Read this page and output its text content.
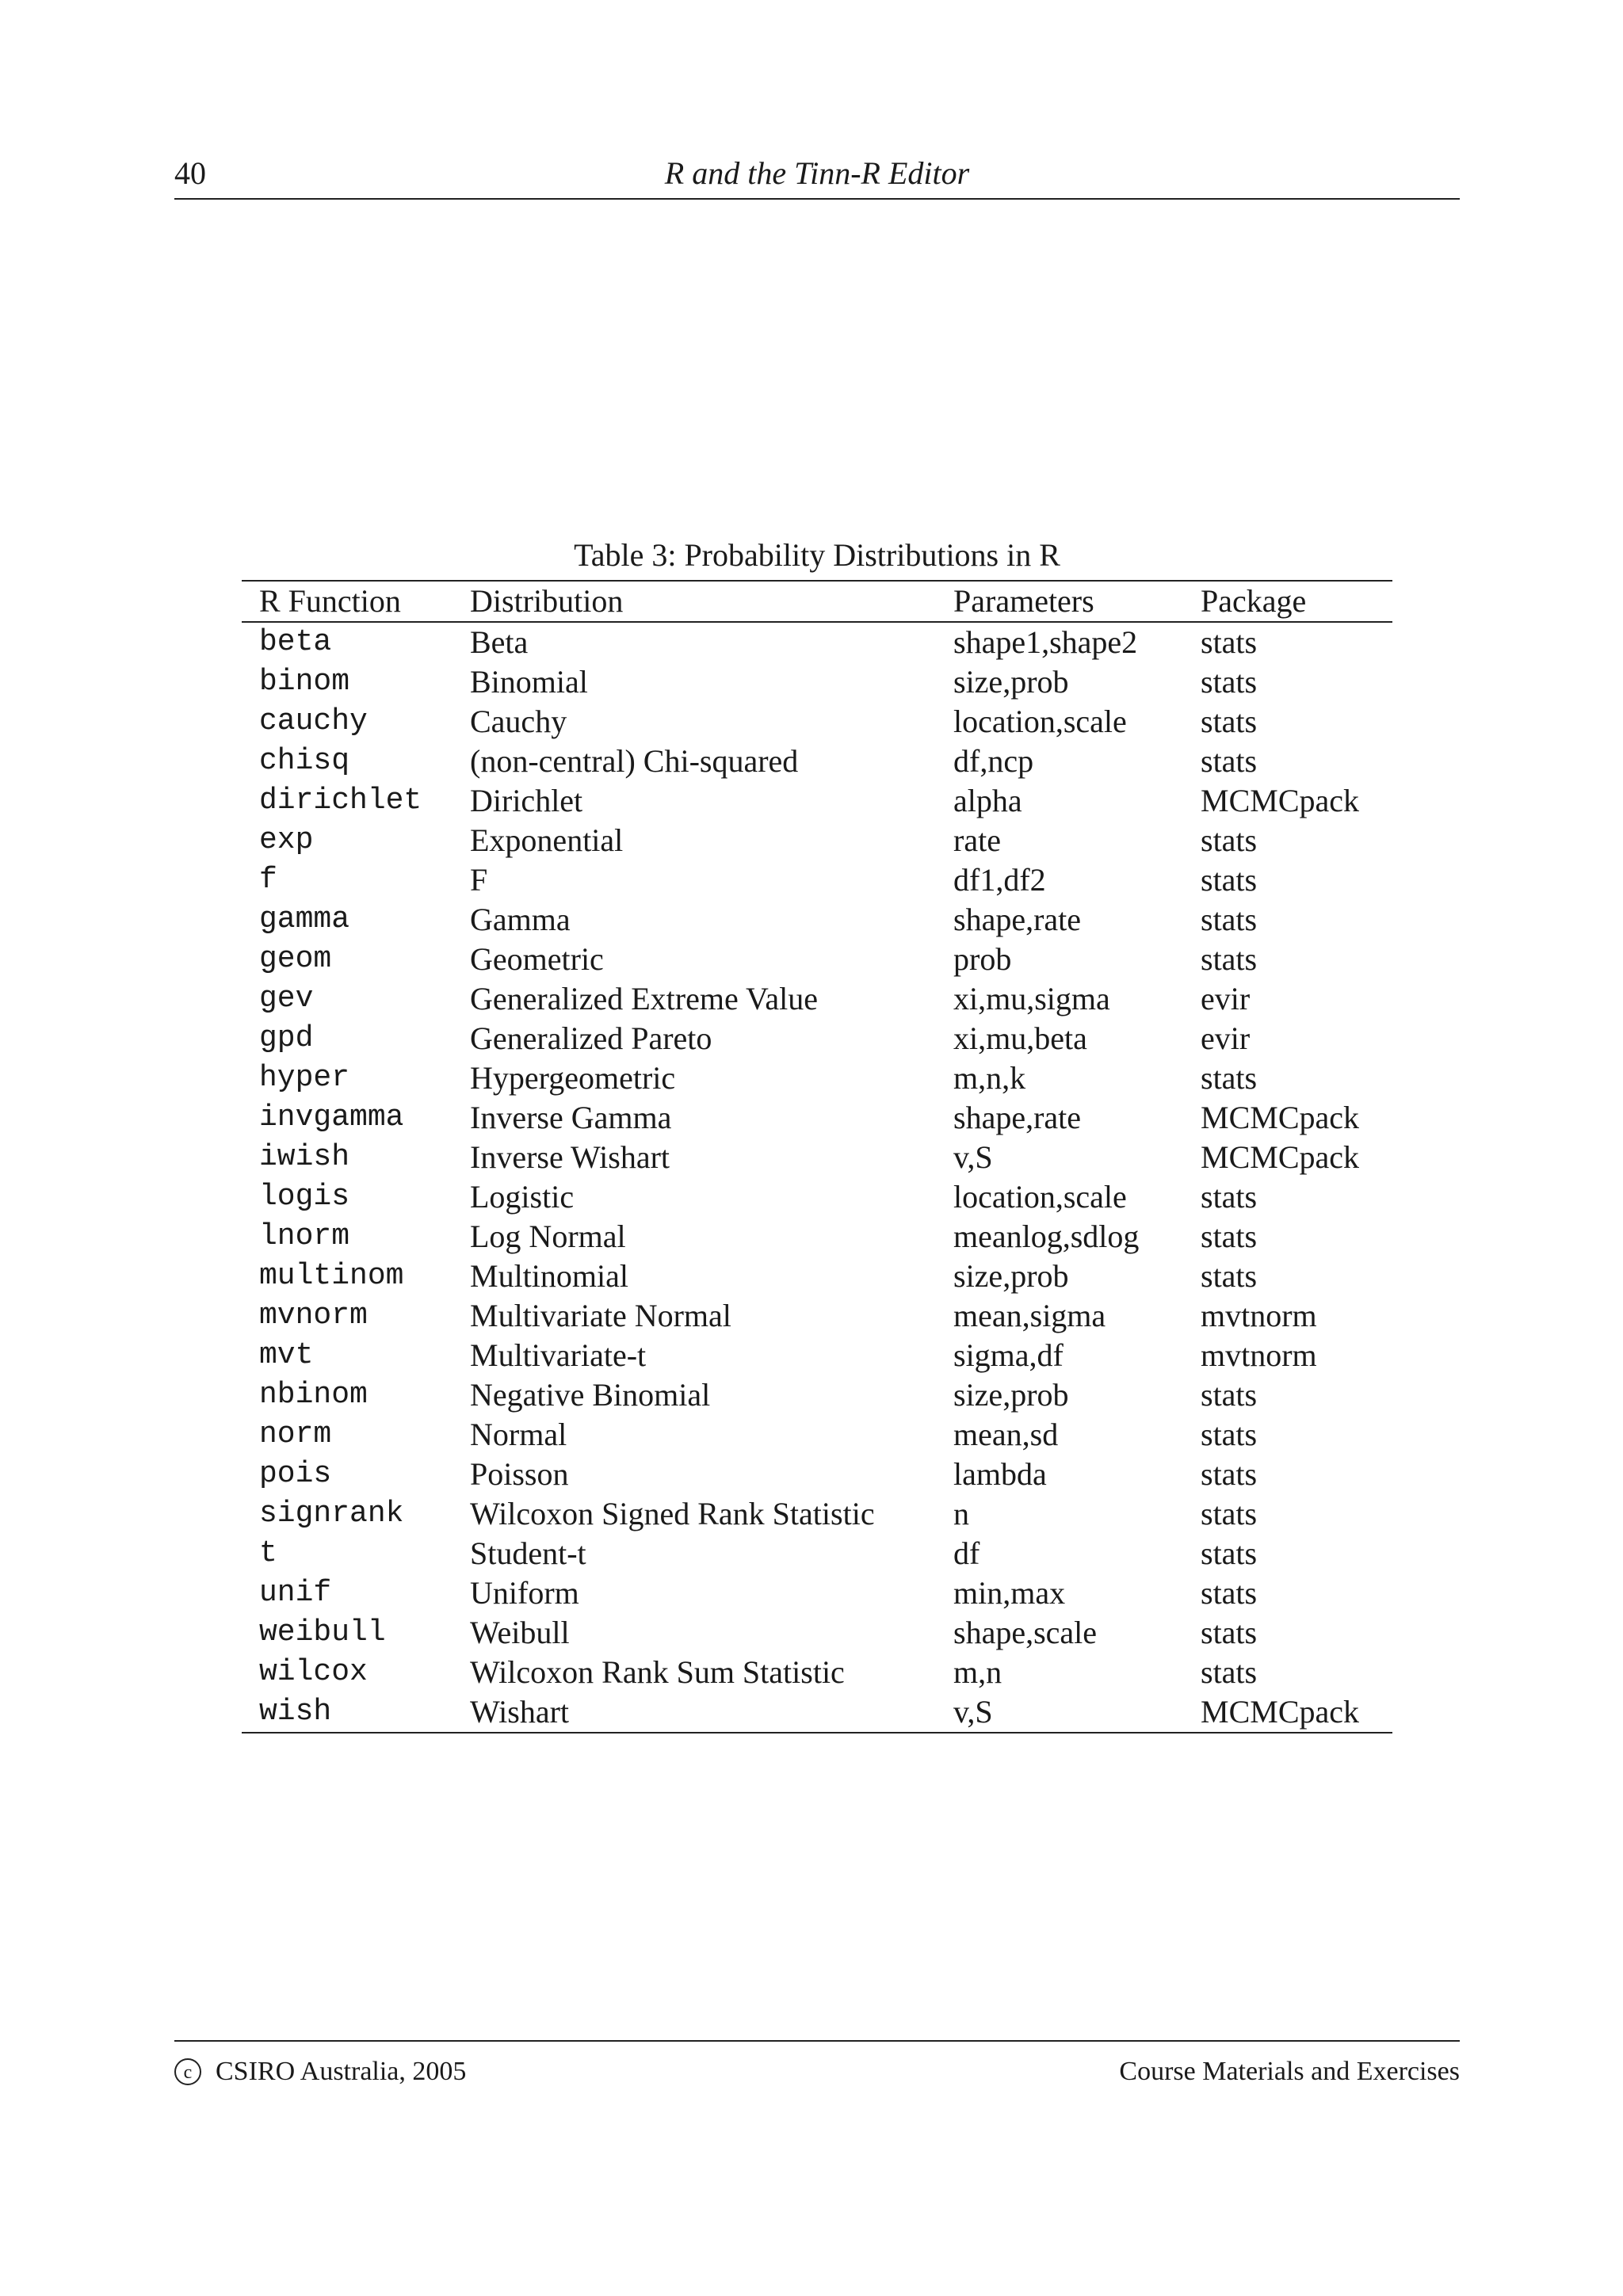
40	R and the Tinn-R Editor
Table 3: Probability Distributions in R
R Function	Distribution	Parameters	Package
beta	Beta	shape1,shape2	stats
binom	Binomial	size,prob	stats
cauchy	Cauchy	location,scale	stats
chisq	(non-central) Chi-squared	df,ncp	stats
dirichlet	Dirichlet	alpha	MCMCpack
exp	Exponential	rate	stats
f	F	df1,df2	stats
gamma	Gamma	shape,rate	stats
geom	Geometric	prob	stats
gev	Generalized Extreme Value	xi,mu,sigma	evir
gpd	Generalized Pareto	xi,mu,beta	evir
hyper	Hypergeometric	m,n,k	stats
invgamma	Inverse Gamma	shape,rate	MCMCpack
iwish	Inverse Wishart	v,S	MCMCpack
logis	Logistic	location,scale	stats
lnorm	Log Normal	meanlog,sdlog	stats
multinom	Multinomial	size,prob	stats
mvnorm	Multivariate Normal	mean,sigma	mvtnorm
mvt	Multivariate-t	sigma,df	mvtnorm
nbinom	Negative Binomial	size,prob	stats
norm	Normal	mean,sd	stats
pois	Poisson	lambda	stats
signrank	Wilcoxon Signed Rank Statistic	n	stats
t	Student-t	df	stats
unif	Uniform	min,max	stats
weibull	Weibull	shape,scale	stats
wilcox	Wilcoxon Rank Sum Statistic	m,n	stats
wish	Wishart	v,S	MCMCpack
c CSIRO Australia, 2005	Course Materials and Exercises
